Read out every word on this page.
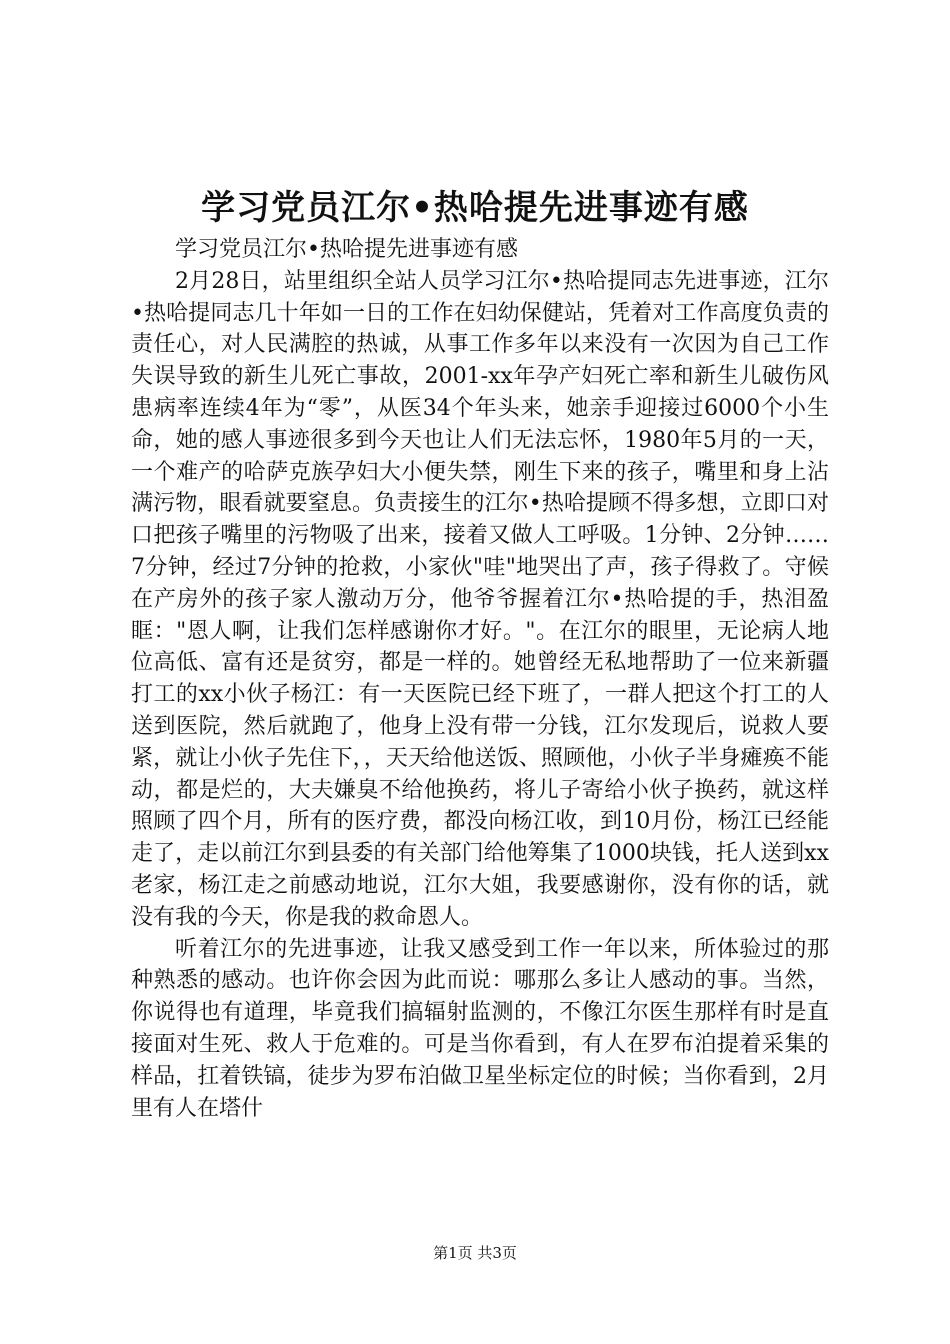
学习党员江尔•热哈提先进事迹有感

学习党员江尔•热哈提先进事迹有感

2月28日，站里组织全站人员学习江尔•热哈提同志先进事迹，江尔•热哈提同志几十年如一日的工作在妇幼保健站，凭着对工作高度负责的责任心，对人民满腔的热诚，从事工作多年以来没有一次因为自己工作失误导致的新生儿死亡事故，2001-xx年孕产妇死亡率和新生儿破伤风患病率连续4年为“零”，从医34个年头来，她亲手迎接过6000个小生命，她的感人事迹很多到今天也让人们无法忘怀，1980年5月的一天，一个难产的哈萨克族孕妇大小便失禁，刚生下来的孩子，嘴里和身上沾满污物，眼看就要窒息。负责接生的江尔•热哈提顾不得多想，立即口对口把孩子嘴里的污物吸了出来，接着又做人工呼吸。1分钟、2分钟……7分钟，经过7分钟的抢救，小家伙"哇"地哭出了声，孩子得救了。守候在产房外的孩子家人激动万分，他爷爷握着江尔•热哈提的手，热泪盈眶："恩人啊，让我们怎样感谢你才好。"。在江尔的眼里，无论病人地位高低、富有还是贫穷，都是一样的。她曾经无私地帮助了一位来新疆打工的xx小伙子杨江：有一天医院已经下班了，一群人把这个打工的人送到医院，然后就跑了，他身上没有带一分钱，江尔发现后，说救人要紧，就让小伙子先住下，，天天给他送饭、照顾他，小伙子半身瘫痪不能动，都是烂的，大夫嫌臭不给他换药，将儿子寄给小伙子换药，就这样照顾了四个月，所有的医疗费，都没向杨江收，到10月份，杨江已经能走了，走以前江尔到县委的有关部门给他筹集了1000块钱，托人送到xx老家，杨江走之前感动地说，江尔大姐，我要感谢你，没有你的话，就没有我的今天，你是我的救命恩人。

听着江尔的先进事迹，让我又感受到工作一年以来，所体验过的那种熟悉的感动。也许你会因为此而说：哪那么多让人感动的事。当然，你说得也有道理，毕竟我们搞辐射监测的，不像江尔医生那样有时是直接面对生死、救人于危难的。可是当你看到，有人在罗布泊提着采集的样品，扛着铁镐，徒步为罗布泊做卫星坐标定位的时候；当你看到，2月里有人在塔什

第1页 共3页
